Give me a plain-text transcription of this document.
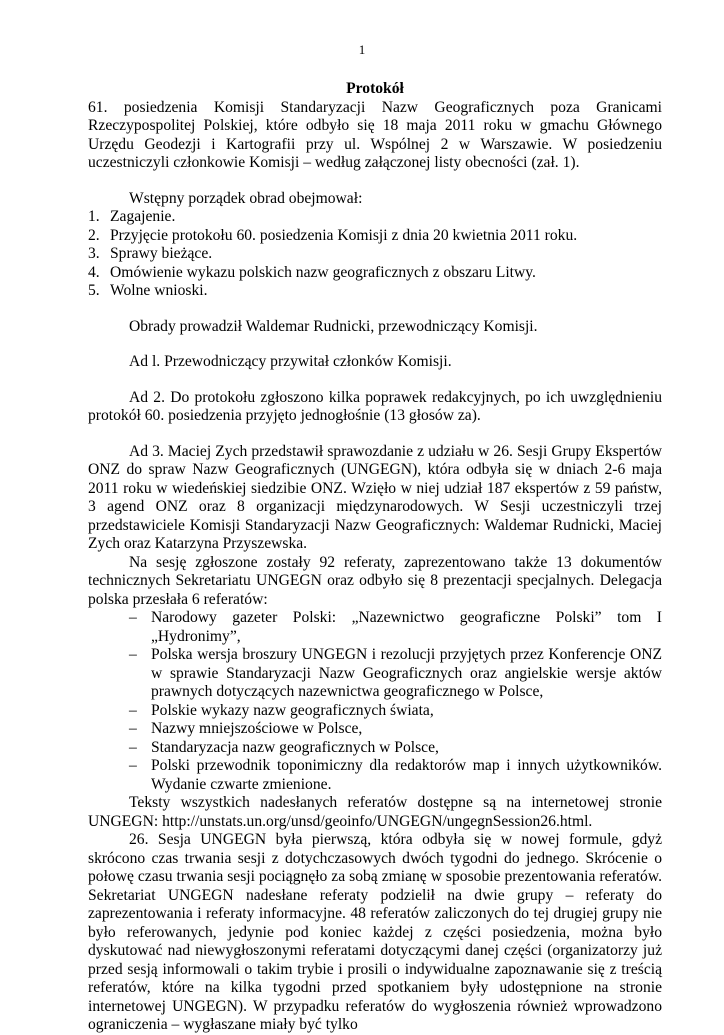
1

Protokół

61. posiedzenia Komisji Standaryzacji Nazw Geograficznych poza Granicami Rzeczypospolitej Polskiej, które odbyło się 18 maja 2011 roku w gmachu Głównego Urzędu Geodezji i Kartografii przy ul. Wspólnej 2 w Warszawie. W posiedzeniu uczestniczyli członkowie Komisji – według załączonej listy obecności (zał. 1).

Wstępny porządek obrad obejmował:

1. Zagajenie.
2. Przyjęcie protokołu 60. posiedzenia Komisji z dnia 20 kwietnia 2011 roku.
3. Sprawy bieżące.
4. Omówienie wykazu polskich nazw geograficznych z obszaru Litwy.
5. Wolne wnioski.

Obrady prowadził Waldemar Rudnicki, przewodniczący Komisji.

Ad l. Przewodniczący przywitał członków Komisji.

Ad 2. Do protokołu zgłoszono kilka poprawek redakcyjnych, po ich uwzględnieniu protokół 60. posiedzenia przyjęto jednogłośnie (13 głosów za).

Ad 3. Maciej Zych przedstawił sprawozdanie z udziału w 26. Sesji Grupy Ekspertów ONZ do spraw Nazw Geograficznych (UNGEGN), która odbyła się w dniach 2-6 maja 2011 roku w wiedeńskiej siedzibie ONZ. Wzięło w niej udział 187 ekspertów z 59 państw, 3 agend ONZ oraz 8 organizacji międzynarodowych. W Sesji uczestniczyli trzej przedstawiciele Komisji Standaryzacji Nazw Geograficznych: Waldemar Rudnicki, Maciej Zych oraz Katarzyna Przyszewska.

Na sesję zgłoszone zostały 92 referaty, zaprezentowano także 13 dokumentów technicznych Sekretariatu UNGEGN oraz odbyło się 8 prezentacji specjalnych. Delegacja polska przesłała 6 referatów:

– Narodowy gazeter Polski: „Nazewnictwo geograficzne Polski” tom I „Hydronimy”,
– Polska wersja broszury UNGEGN i rezolucji przyjętych przez Konferencje ONZ w sprawie Standaryzacji Nazw Geograficznych oraz angielskie wersje aktów prawnych dotyczących nazewnictwa geograficznego w Polsce,
– Polskie wykazy nazw geograficznych świata,
– Nazwy mniejszościowe w Polsce,
– Standaryzacja nazw geograficznych w Polsce,
– Polski przewodnik toponimiczny dla redaktorów map i innych użytkowników. Wydanie czwarte zmienione.

Teksty wszystkich nadesłanych referatów dostępne są na internetowej stronie UNGEGN: http://unstats.un.org/unsd/geoinfo/UNGEGN/ungegnSession26.html.

26. Sesja UNGEGN była pierwszą, która odbyła się w nowej formule, gdyż skrócono czas trwania sesji z dotychczasowych dwóch tygodni do jednego. Skrócenie o połowę czasu trwania sesji pociągnęło za sobą zmianę w sposobie prezentowania referatów. Sekretariat UNGEGN nadesłane referaty podzielił na dwie grupy – referaty do zaprezentowania i referaty informacyjne. 48 referatów zaliczonych do tej drugiej grupy nie było referowanych, jedynie pod koniec każdej z części posiedzenia, można było dyskutować nad niewygłoszonymi referatami dotyczącymi danej części (organizatorzy już przed sesją informowali o takim trybie i prosili o indywidualne zapoznawanie się z treścią referatów, które na kilka tygodni przed spotkaniem były udostępnione na stronie internetowej UNGEGN). W przypadku referatów do wygłoszenia również wprowadzono ograniczenia – wygłaszane miały być tylko
